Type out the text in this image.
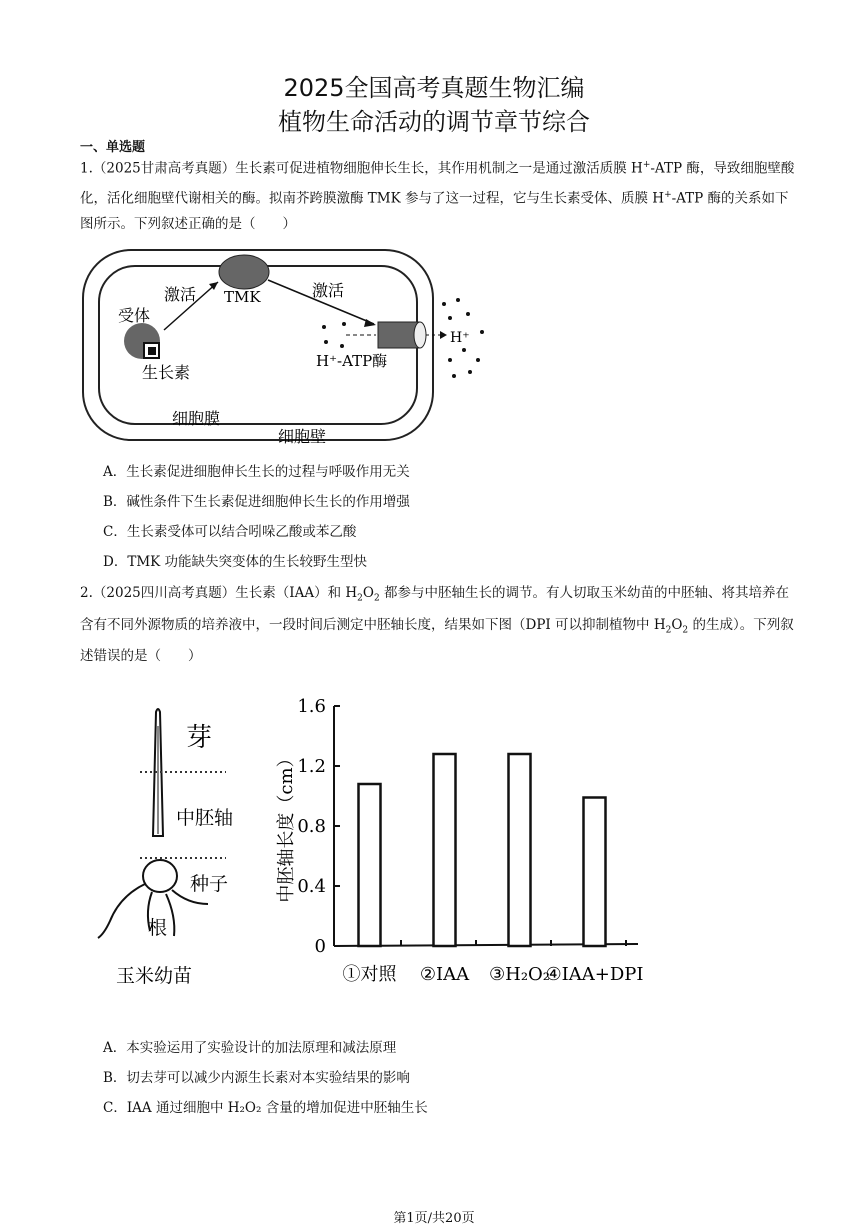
2025全国高考真题生物汇编
植物生命活动的调节章节综合
一、单选题
1.（2025甘肃高考真题）生长素可促进植物细胞伸长生长，其作用机制之一是通过激活质膜 H+-ATP 酶，导致细胞壁酸化，活化细胞壁代谢相关的酶。拟南芥跨膜激酶 TMK 参与了这一过程，它与生长素受体、质膜 H+-ATP 酶的关系如下图所示。下列叙述正确的是（　　）
激活 TMK	激活
受体
生长素
H⁺-ATP酶
H⁺
细胞膜
细胞壁
A．生长素促进细胞伸长生长的过程与呼吸作用无关
B．碱性条件下生长素促进细胞伸长生长的作用增强
C．生长素受体可以结合吲哚乙酸或苯乙酸
D．TMK 功能缺失突变体的生长较野生型快
2.（2025四川高考真题）生长素（IAA）和 $H_2O_2$ 都参与中胚轴生长的调节。有人切取玉米幼苗的中胚轴、将其培养在含有不同外源物质的培养液中，一段时间后测定中胚轴长度，结果如下图（DPI 可以抑制植物中 $H_2O_2$ 的生成）。下列叙述错误的是（　　）
芽
中胚轴
种子
根
玉米幼苗
0
0.4
0.8
1.2
1.6
①对照 ②IAA ③H₂O₂
④IAA+DPI
中胚轴长度（cm）
A．本实验运用了实验设计的加法原理和减法原理
B．切去芽可以减少内源生长素对本实验结果的影响
C．IAA 通过细胞中 H₂O₂ 含量的增加促进中胚轴生长
第1页/共20页
